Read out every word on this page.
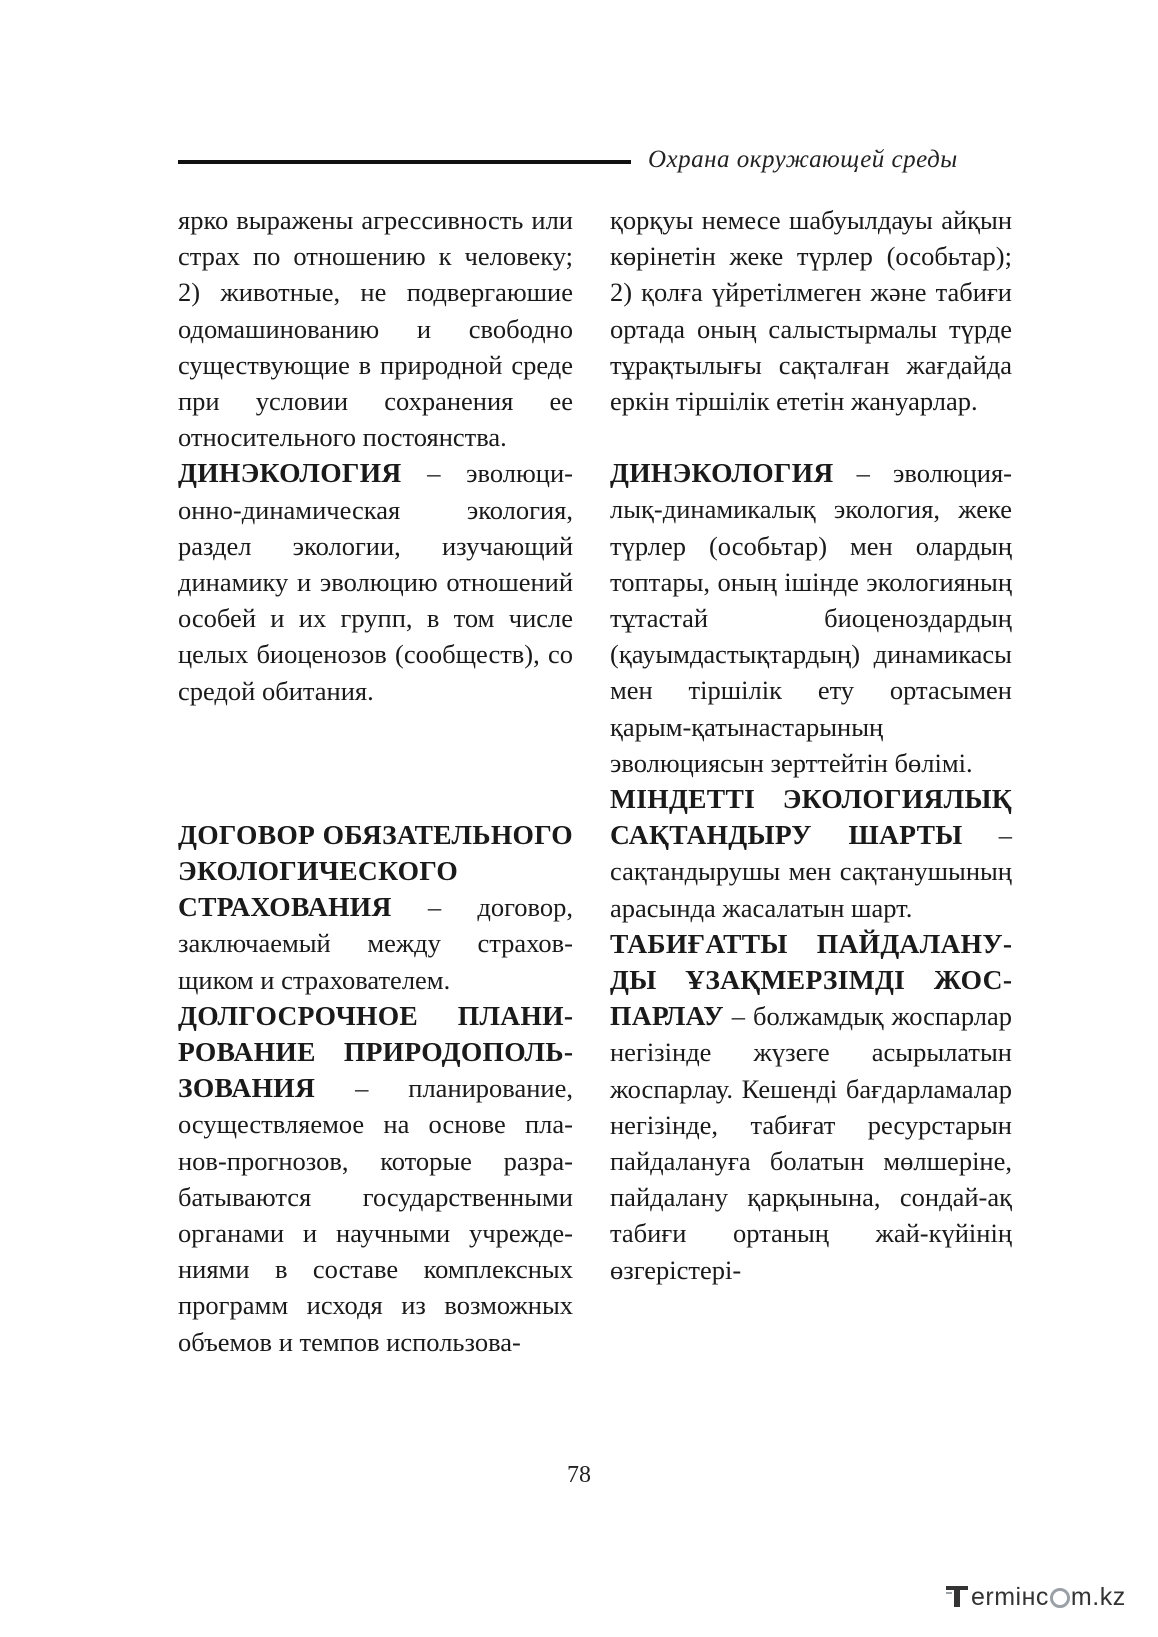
Охрана окружающей среды

ярко выражены агрессивность или страх по отношению к человеку; 2) животные, не подвергаюшие одомашинованию и свободно существующие в природной среде при условии сохранения ее относительного постоянства.

ДИНЭКОЛОГИЯ – эволюционно-динамическая экология, раздел экологии, изучающий динамику и эволюцию отношений особей и их групп, в том числе целых биоценозов (сообществ), со средой обитания.

ДОГОВОР ОБЯЗАТЕЛЬНОГО ЭКОЛОГИЧЕСКОГО СТРАХОВАНИЯ – договор, заключаемый между страховщиком и страхователем.

ДОЛГОСРОЧНОЕ ПЛАНИРОВАНИЕ ПРИРОДОПОЛЬЗОВАНИЯ – планирование, осуществляемое на основе планов-прогнозов, которые разрабатываются государственными органами и научными учреждениями в составе комплексных программ исходя из возможных объемов и темпов использова-

қорқуы немесе шабуылдауы айқын көрінетін жеке түрлер (особьтар); 2) қолға үйретілмеген және табиғи ортада оның салыстырмалы түрде тұрақтылығы сақталған жағдайда еркін тіршілік ететін жануарлар.

ДИНЭКОЛОГИЯ – эволюциялық-динамикалық экология, жеке түрлер (особьтар) мен олардың топтары, оның ішінде экологияның тұтастай биоценоздардың (қауымдастықтардың) динамикасы мен тіршілік ету ортасымен қарым-қатынастарының эволюциясын зерттейтін бөлімі.

МІНДЕТТІ ЭКОЛОГИЯЛЫҚ САҚТАНДЫРУ ШАРТЫ – сақтандырушы мен сақтанушының арасында жасалатын шарт.

ТАБИҒАТТЫ ПАЙДАЛАНУДЫ ҰЗАҚМЕРЗІМДІ ЖОСПАРЛАУ – болжамдық жоспарлар негізінде жүзеге асырылатын жоспарлау. Кешенді бағдарламалар негізінде, табиғат ресурстарын пайдалануға болатын мөлшеріне, пайдалану қарқынына, сондай-ақ табиғи ортаның жай-күйінің өзгерістері-

78
ermінc m.kz
